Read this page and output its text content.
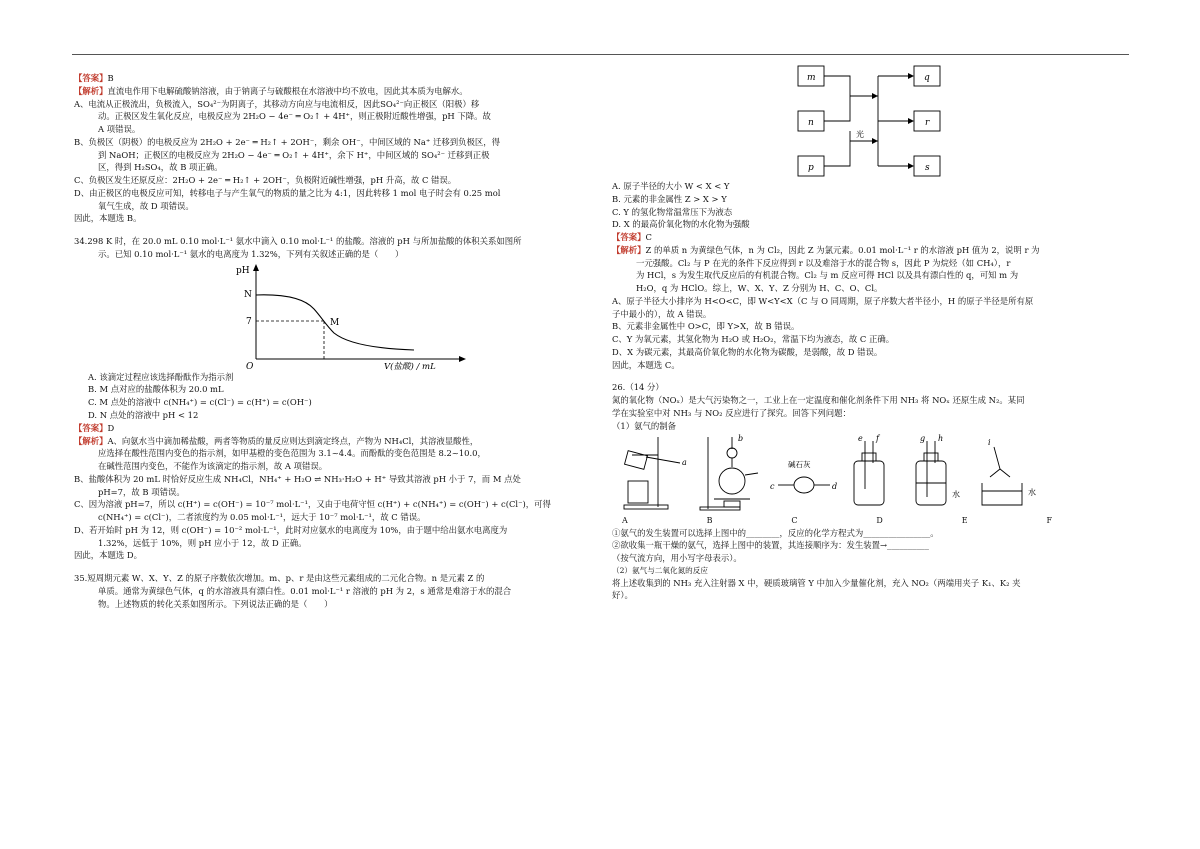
【答案】B

【解析】直流电作用下电解硫酸钠溶液，由于钠离子与硫酸根在水溶液中均不放电，因此其本质为电解水。

A、电流从正极流出，负极流入，SO₄²⁻为阴离子，其移动方向应与电流相反，因此SO₄²⁻向正极区（阳极）移

动。正极区发生氧化反应，电极反应为 2H₂O − 4e⁻ ═ O₂↑ + 4H⁺，则正极附近酸性增强，pH 下降。故

A 项错误。

B、负极区（阴极）的电极反应为 2H₂O + 2e⁻ ═ H₂↑ + 2OH⁻，剩余 OH⁻，中间区域的 Na⁺ 迁移到负极区，得

到 NaOH；正极区的电极反应为 2H₂O − 4e⁻ ═ O₂↑ + 4H⁺，余下 H⁺，中间区域的 SO₄²⁻ 迁移到正极

区，得到 H₂SO₄，故 B 项正确。

C、负极区发生还原反应：2H₂O + 2e⁻ ═ H₂↑ + 2OH⁻，负极附近碱性增强，pH 升高，故 C 错误。

D、由正极区的电极反应可知，转移电子与产生氧气的物质的量之比为 4:1，因此转移 1 mol 电子时会有 0.25 mol

氧气生成，故 D 项错误。

因此，本题选 B。

34.298 K 时，在 20.0 mL 0.10 mol·L⁻¹ 氨水中滴入 0.10 mol·L⁻¹ 的盐酸。溶液的 pH 与所加盐酸的体积关系如图所

示。已知 0.10 mol·L⁻¹ 氨水的电离度为 1.32%，下列有关叙述正确的是（　　）

pH
N
7
O
M
V(盐酸) / mL

A. 该滴定过程应该选择酚酞作为指示剂

B. M 点对应的盐酸体积为 20.0 mL

C. M 点处的溶液中 c(NH₄⁺) = c(Cl⁻) = c(H⁺) = c(OH⁻)

D. N 点处的溶液中 pH < 12

【答案】D

【解析】A、向氨水当中滴加稀盐酸，两者等物质的量反应则达到滴定终点，产物为 NH₄Cl，其溶液显酸性，

应选择在酸性范围内变色的指示剂，如甲基橙的变色范围为 3.1~4.4。而酚酞的变色范围是 8.2~10.0，

在碱性范围内变色，不能作为该滴定的指示剂，故 A 项错误。

B、盐酸体积为 20 mL 时恰好反应生成 NH₄Cl，NH₄⁺ + H₂O ⇌ NH₃·H₂O + H⁺ 导致其溶液 pH 小于 7，而 M 点处

pH=7，故 B 项错误。

C、因为溶液 pH=7，所以 c(H⁺) = c(OH⁻) = 10⁻⁷ mol·L⁻¹，又由于电荷守恒 c(H⁺) + c(NH₄⁺) = c(OH⁻) + c(Cl⁻)，可得

c(NH₄⁺) = c(Cl⁻)，二者浓度约为 0.05 mol·L⁻¹，远大于 10⁻⁷ mol·L⁻¹，故 C 错误。

D、若开始时 pH 为 12，则 c(OH⁻) = 10⁻² mol·L⁻¹，此时对应氨水的电离度为 10%，由于题中给出氨水电离度为

1.32%，远低于 10%，则 pH 应小于 12，故 D 正确。

因此，本题选 D。

35.短周期元素 W、X、Y、Z 的原子序数依次增加。m、p、r 是由这些元素组成的二元化合物。n 是元素 Z 的

单质。通常为黄绿色气体，q 的水溶液具有漂白性。0.01 mol·L⁻¹ r 溶液的 pH 为 2，s 通常是难溶于水的混合

物。上述物质的转化关系如图所示。下列说法正确的是（　　）

m
n
p
q
r
s
光

A. 原子半径的大小 W < X < Y

B. 元素的非金属性 Z > X > Y

C. Y 的氢化物常温常压下为液态

D. X 的最高价氧化物的水化物为强酸

【答案】C

【解析】Z 的单质 n 为黄绿色气体，n 为 Cl₂，因此 Z 为氯元素。0.01 mol·L⁻¹ r 的水溶液 pH 值为 2，说明 r 为

一元强酸。Cl₂ 与 P 在光的条件下反应得到 r 以及难溶于水的混合物 s，因此 P 为烷烃（如 CH₄），r

为 HCl，s 为发生取代反应后的有机混合物。Cl₂ 与 m 反应可得 HCl 以及具有漂白性的 q，可知 m 为

H₂O，q 为 HClO。综上，W、X、Y、Z 分别为 H、C、O、Cl。

A、原子半径大小排序为 H<O<C，即 W<Y<X（C 与 O 同周期，原子序数大者半径小，H 的原子半径是所有原

子中最小的），故 A 错误。

B、元素非金属性中 O>C，即 Y>X，故 B 错误。

C、Y 为氧元素，其氢化物为 H₂O 或 H₂O₂，常温下均为液态，故 C 正确。

D、X 为碳元素，其最高价氧化物的水化物为碳酸，是弱酸，故 D 错误。

因此，本题选 C。

26.（14 分）

氮的氧化物（NOₓ）是大气污染物之一，工业上在一定温度和催化剂条件下用 NH₃ 将 NOₓ 还原生成 N₂。某同

学在实验室中对 NH₃ 与 NO₂ 反应进行了探究。回答下列问题：

（1）氨气的制备

a
b
c	d
e f	g h	i
碱石灰
水	水
A	B	C	D	E	F

①氨气的发生装置可以选择上图中的________，反应的化学方程式为________________。

②欲收集一瓶干燥的氨气，选择上图中的装置，其连接顺序为：发生装置→__________

（按气流方向，用小写字母表示）。

（2）氨气与二氧化氮的反应

将上述收集到的 NH₃ 充入注射器 X 中，硬质玻璃管 Y 中加入少量催化剂，充入 NO₂（两端用夹子 K₁、K₂ 夹

好）。
